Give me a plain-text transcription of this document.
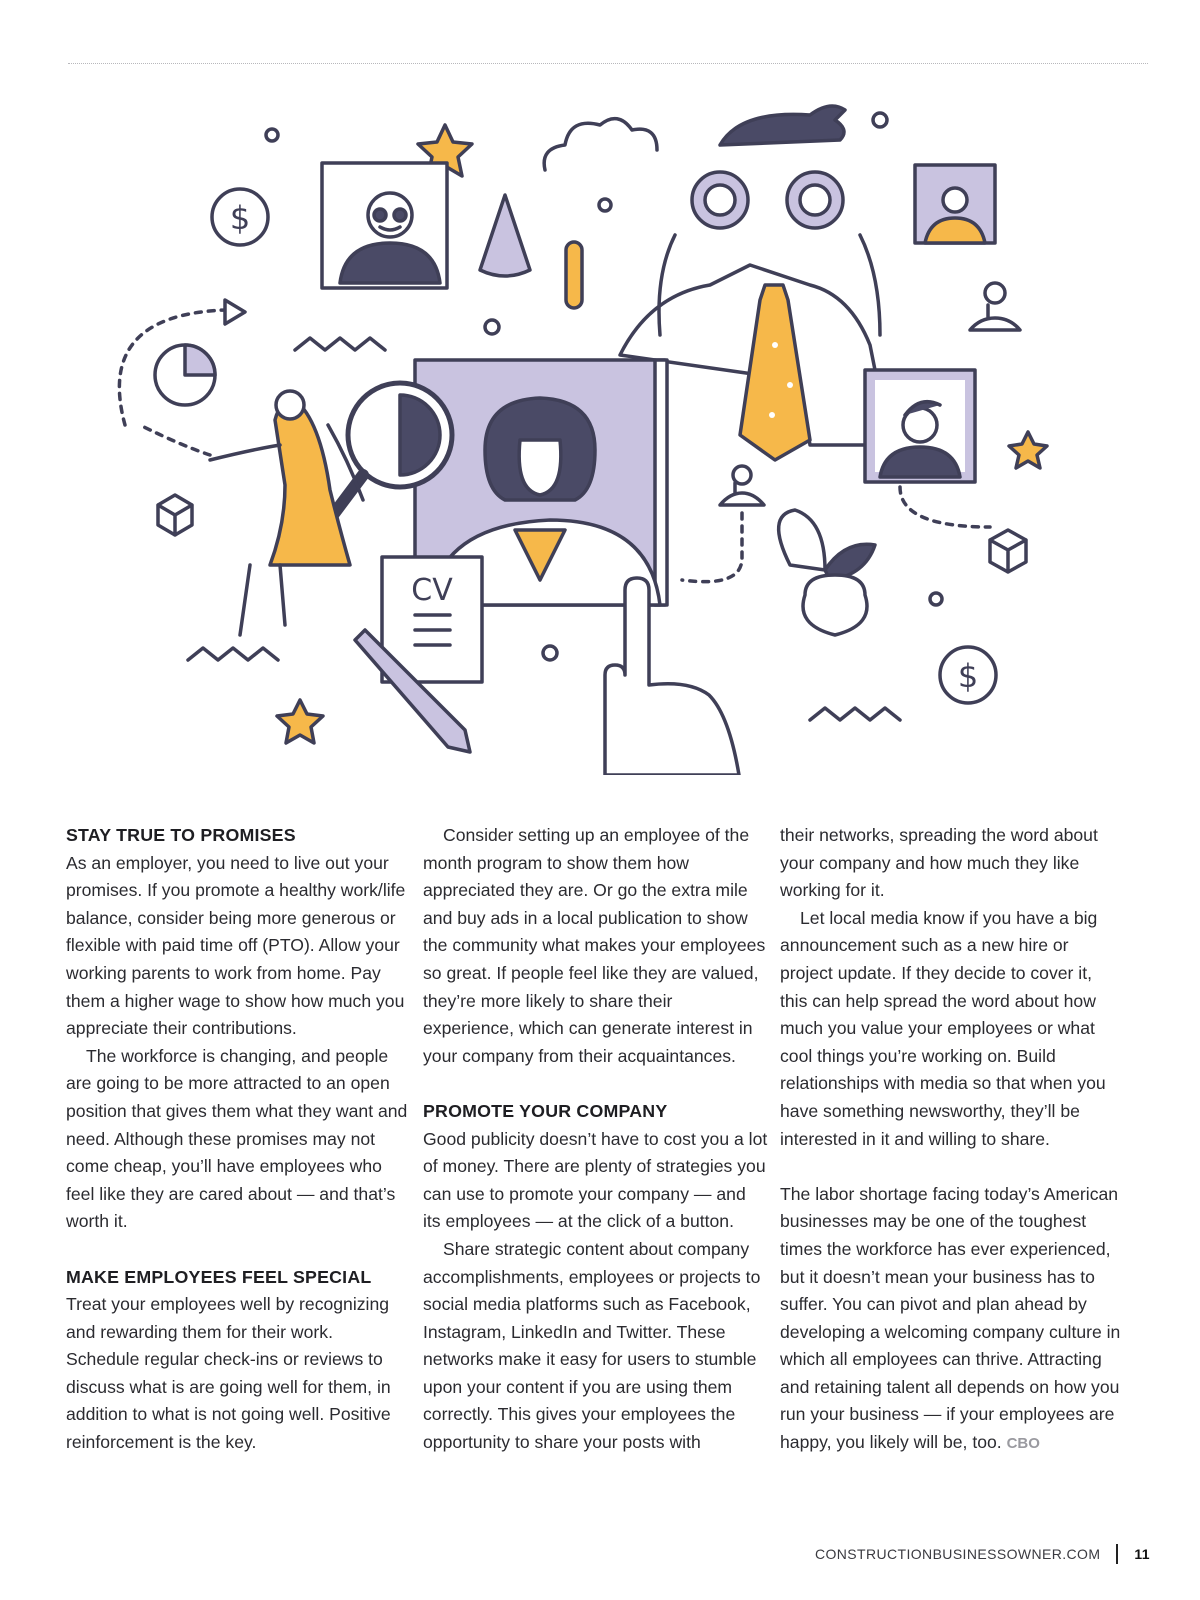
$
$
CV
STAY TRUE TO PROMISES

As an employer, you need to live out your promises. If you promote a healthy work/life balance, consider being more generous or flexible with paid time off (PTO). Allow your working parents to work from home. Pay them a higher wage to show how much you appreciate their contributions.

The workforce is changing, and people are going to be more attracted to an open position that gives them what they want and need. Although these promises may not come cheap, you’ll have employees who feel like they are cared about — and that’s worth it.

MAKE EMPLOYEES FEEL SPECIAL

Treat your employees well by recognizing and rewarding them for their work. Schedule regular check-ins or reviews to discuss what is are going well for them, in addition to what is not going well. Positive reinforcement is the key.

Consider setting up an employee of the month program to show them how appreciated they are. Or go the extra mile and buy ads in a local publication to show the community what makes your employees so great. If people feel like they are valued, they’re more likely to share their experience, which can generate interest in your company from their acquaintances.

PROMOTE YOUR COMPANY

Good publicity doesn’t have to cost you a lot of money. There are plenty of strategies you can use to promote your company — and its employees — at the click of a button.

Share strategic content about company accomplishments, employees or projects to social media platforms such as Facebook, Instagram, LinkedIn and Twitter. These networks make it easy for users to stumble upon your content if you are using them correctly. This gives your employees the opportunity to share your posts with

their networks, spreading the word about your company and how much they like working for it.

Let local media know if you have a big announcement such as a new hire or project update. If they decide to cover it, this can help spread the word about how much you value your employees or what cool things you’re working on. Build relationships with media so that when you have something newsworthy, they’ll be interested in it and willing to share.

The labor shortage facing today’s American businesses may be one of the toughest times the workforce has ever experienced, but it doesn’t mean your business has to suffer. You can pivot and plan ahead by developing a welcoming company culture in which all employees can thrive. Attracting and retaining talent all depends on how you run your business — if your employees are happy, you likely will be, too. CBO

CONSTRUCTIONBUSINESSOWNER.COM 11
